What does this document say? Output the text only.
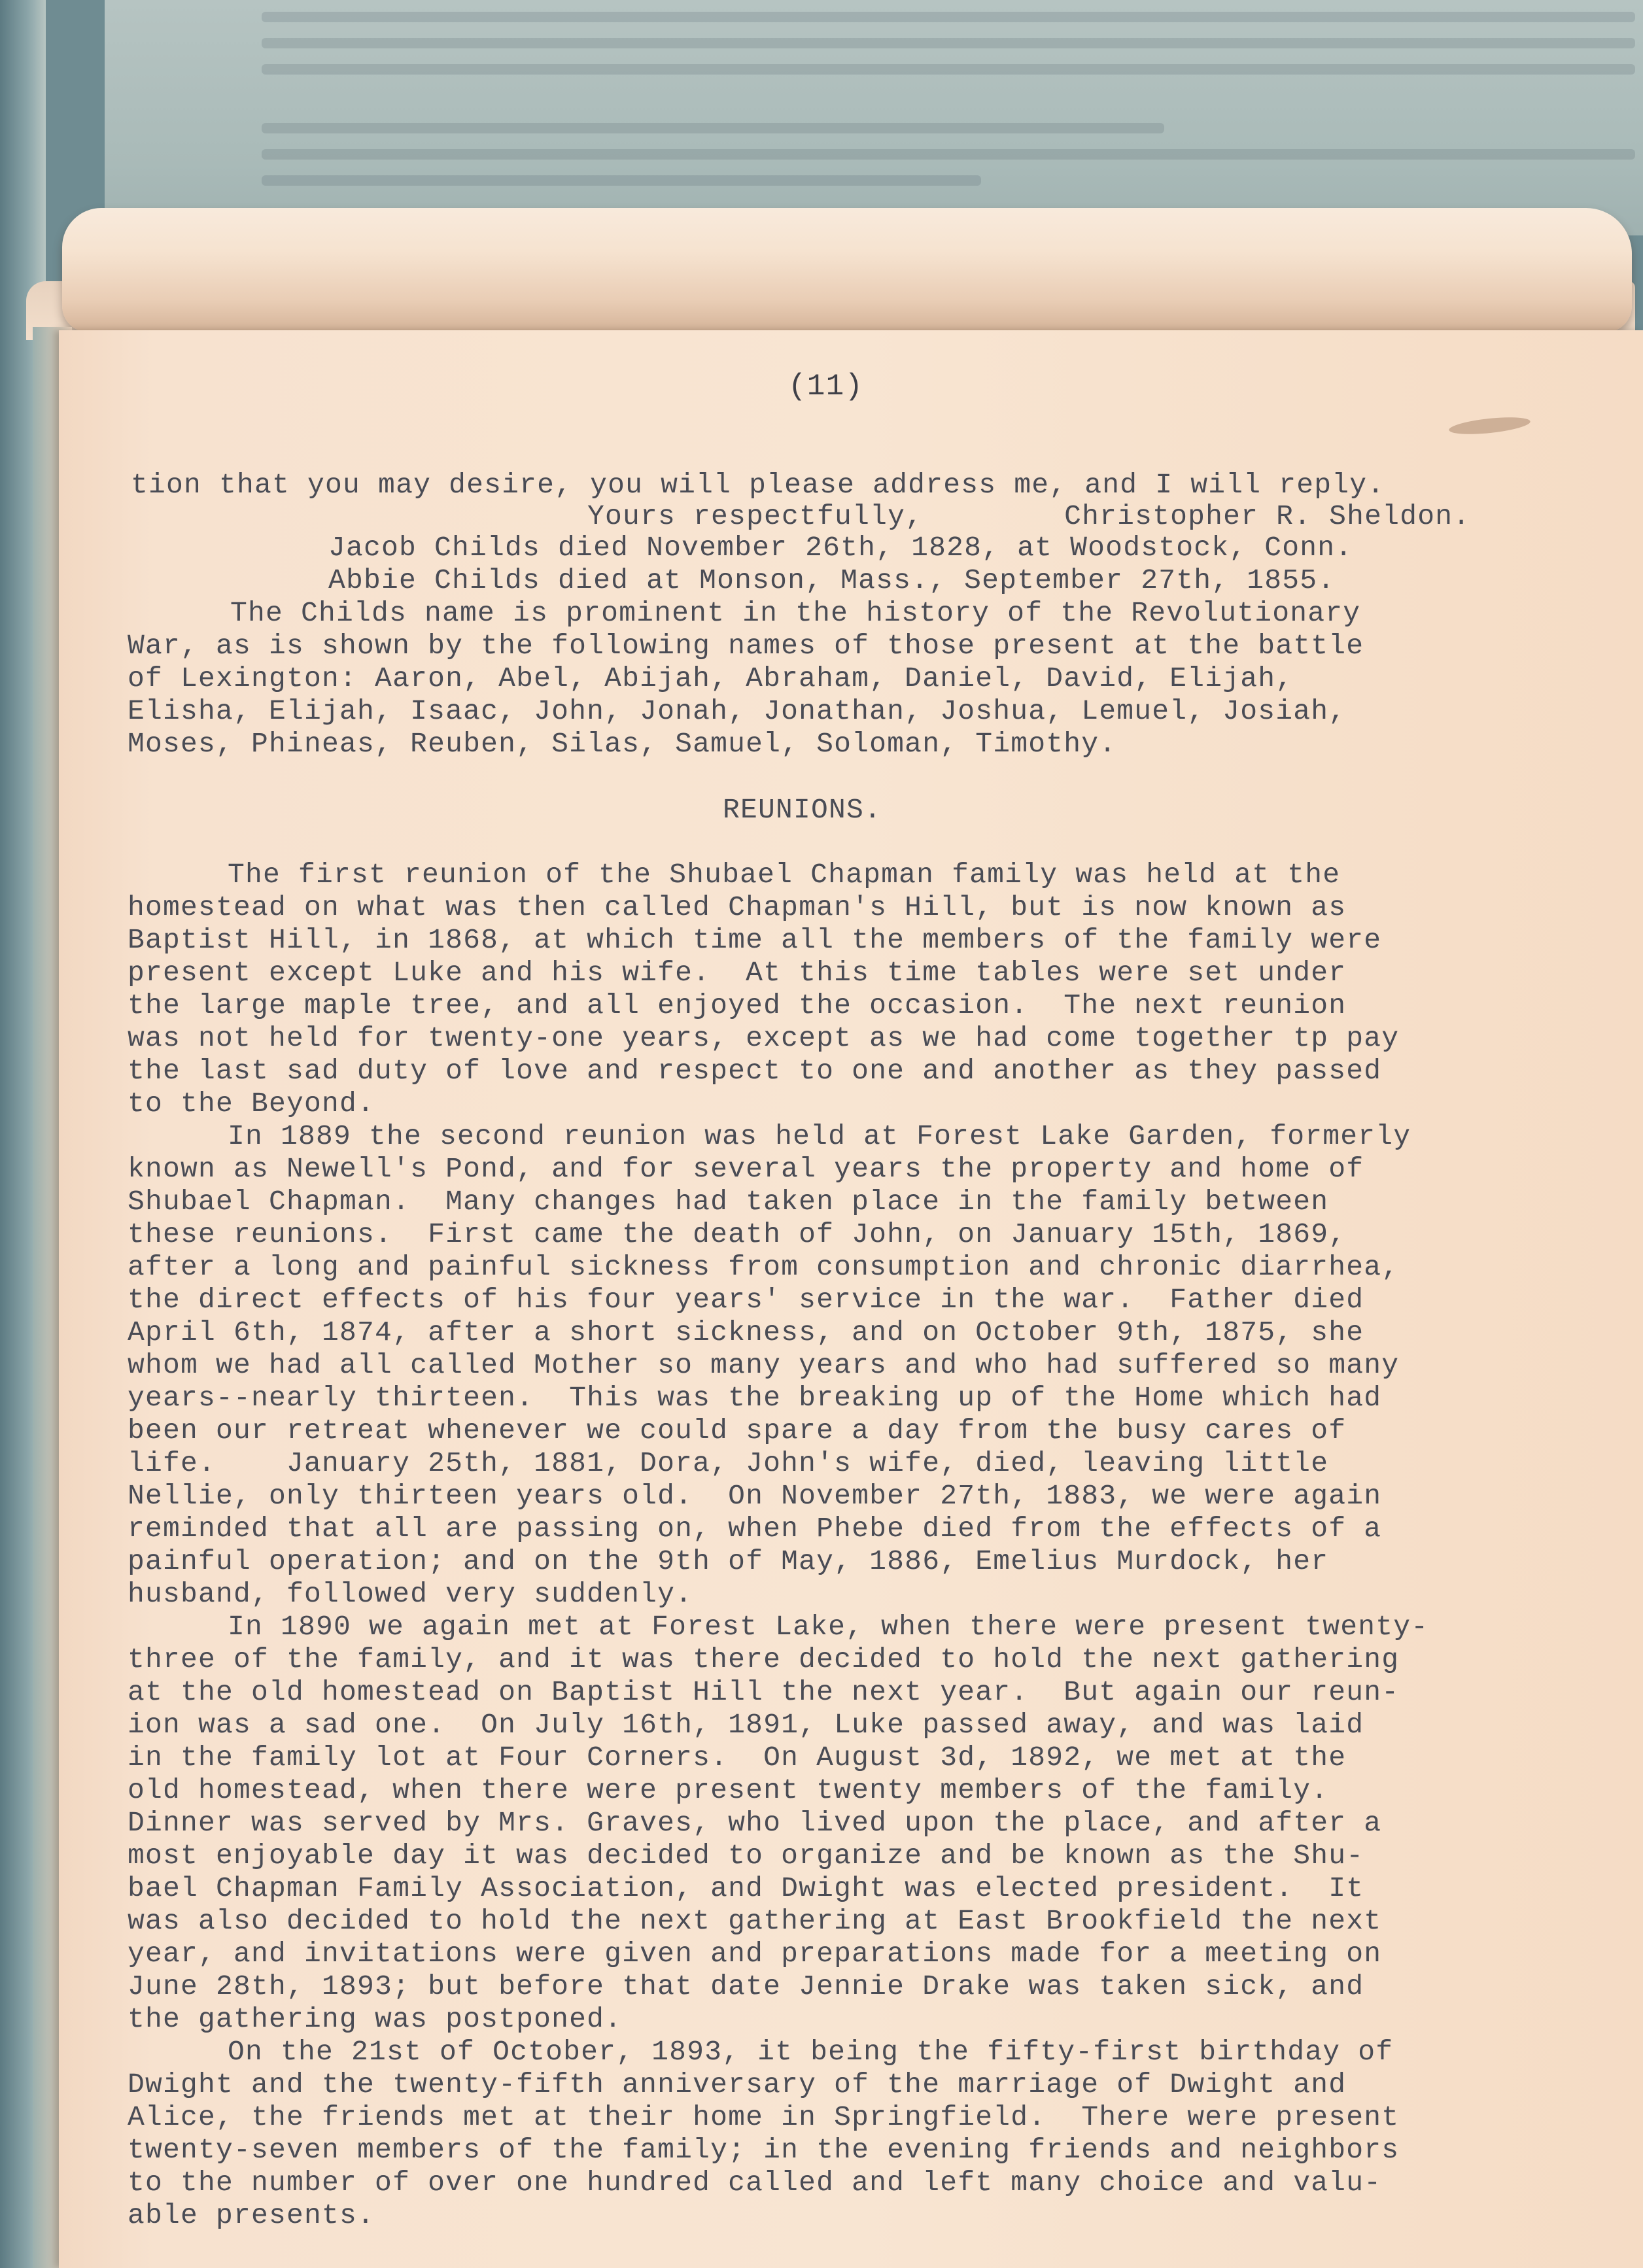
(11)
tion that you may desire, you will please address me, and I will reply.
Yours respectfully,        Christopher R. Sheldon.
Jacob Childs died November 26th, 1828, at Woodstock, Conn.
Abbie Childs died at Monson, Mass., September 27th, 1855.
The Childs name is prominent in the history of the Revolutionary
War, as is shown by the following names of those present at the battle
of Lexington: Aaron, Abel, Abijah, Abraham, Daniel, David, Elijah,
Elisha, Elijah, Isaac, John, Jonah, Jonathan, Joshua, Lemuel, Josiah,
Moses, Phineas, Reuben, Silas, Samuel, Soloman, Timothy.
REUNIONS.
The first reunion of the Shubael Chapman family was held at the
homestead on what was then called Chapman's Hill, but is now known as
Baptist Hill, in 1868, at which time all the members of the family were
present except Luke and his wife.  At this time tables were set under
the large maple tree, and all enjoyed the occasion.  The next reunion
was not held for twenty-one years, except as we had come together tp pay
the last sad duty of love and respect to one and another as they passed
to the Beyond.
In 1889 the second reunion was held at Forest Lake Garden, formerly
known as Newell's Pond, and for several years the property and home of
Shubael Chapman.  Many changes had taken place in the family between
these reunions.  First came the death of John, on January 15th, 1869,
after a long and painful sickness from consumption and chronic diarrhea,
the direct effects of his four years' service in the war.  Father died
April 6th, 1874, after a short sickness, and on October 9th, 1875, she
whom we had all called Mother so many years and who had suffered so many
years--nearly thirteen.  This was the breaking up of the Home which had
been our retreat whenever we could spare a day from the busy cares of
life.    January 25th, 1881, Dora, John's wife, died, leaving little
Nellie, only thirteen years old.  On November 27th, 1883, we were again
reminded that all are passing on, when Phebe died from the effects of a
painful operation; and on the 9th of May, 1886, Emelius Murdock, her
husband, followed very suddenly.
In 1890 we again met at Forest Lake, when there were present twenty-
three of the family, and it was there decided to hold the next gathering
at the old homestead on Baptist Hill the next year.  But again our reun-
ion was a sad one.  On July 16th, 1891, Luke passed away, and was laid
in the family lot at Four Corners.  On August 3d, 1892, we met at the
old homestead, when there were present twenty members of the family.
Dinner was served by Mrs. Graves, who lived upon the place, and after a
most enjoyable day it was decided to organize and be known as the Shu-
bael Chapman Family Association, and Dwight was elected president.  It
was also decided to hold the next gathering at East Brookfield the next
year, and invitations were given and preparations made for a meeting on
June 28th, 1893; but before that date Jennie Drake was taken sick, and
the gathering was postponed.
On the 21st of October, 1893, it being the fifty-first birthday of
Dwight and the twenty-fifth anniversary of the marriage of Dwight and
Alice, the friends met at their home in Springfield.  There were present
twenty-seven members of the family; in the evening friends and neighbors
to the number of over one hundred called and left many choice and valu-
able presents.
